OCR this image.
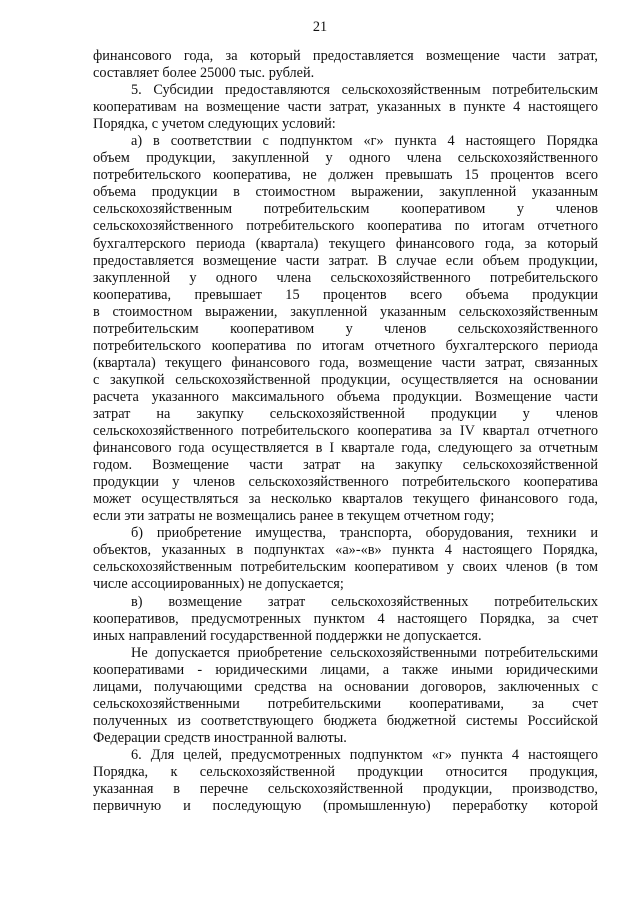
21
финансового года, за который предоставляется возмещение части затрат,
составляет более 25000 тыс. рублей.
5. Субсидии предоставляются сельскохозяйственным потребительским
кооперативам на возмещение части затрат, указанных в пункте 4 настоящего
Порядка, с учетом следующих условий:
а) в соответствии с подпунктом «г» пункта 4 настоящего Порядка
объем продукции, закупленной у одного члена сельскохозяйственного
потребительского кооператива, не должен превышать 15 процентов всего
объема продукции в стоимостном выражении, закупленной указанным
сельскохозяйственным потребительским кооперативом у членов
сельскохозяйственного потребительского кооператива по итогам отчетного
бухгалтерского периода (квартала) текущего финансового года, за который
предоставляется возмещение части затрат. В случае если объем продукции,
закупленной у одного члена сельскохозяйственного потребительского
кооператива, превышает 15 процентов всего объема продукции
в стоимостном выражении, закупленной указанным сельскохозяйственным
потребительским кооперативом у членов сельскохозяйственного
потребительского кооператива по итогам отчетного бухгалтерского периода
(квартала) текущего финансового года, возмещение части затрат, связанных
с закупкой сельскохозяйственной продукции, осуществляется на основании
расчета указанного максимального объема продукции. Возмещение части
затрат на закупку сельскохозяйственной продукции у членов
сельскохозяйственного потребительского кооператива за IV квартал отчетного
финансового года осуществляется в I квартале года, следующего за отчетным
годом. Возмещение части затрат на закупку сельскохозяйственной
продукции у членов сельскохозяйственного потребительского кооператива
может осуществляться за несколько кварталов текущего финансового года,
если эти затраты не возмещались ранее в текущем отчетном году;
б) приобретение имущества, транспорта, оборудования, техники и
объектов, указанных в подпунктах «а»-«в» пункта 4 настоящего Порядка,
сельскохозяйственным потребительским кооперативом у своих членов (в том
числе ассоциированных) не допускается;
в) возмещение затрат сельскохозяйственных потребительских
кооперативов, предусмотренных пунктом 4 настоящего Порядка, за счет
иных направлений государственной поддержки не допускается.
Не допускается приобретение сельскохозяйственными потребительскими
кооперативами - юридическими лицами, а также иными юридическими
лицами, получающими средства на основании договоров, заключенных с
сельскохозяйственными потребительскими кооперативами, за счет
полученных из соответствующего бюджета бюджетной системы Российской
Федерации средств иностранной валюты.
6. Для целей, предусмотренных подпунктом «г» пункта 4 настоящего
Порядка, к сельскохозяйственной продукции относится продукция,
указанная в перечне сельскохозяйственной продукции, производство,
первичную и последующую (промышленную) переработку которой
